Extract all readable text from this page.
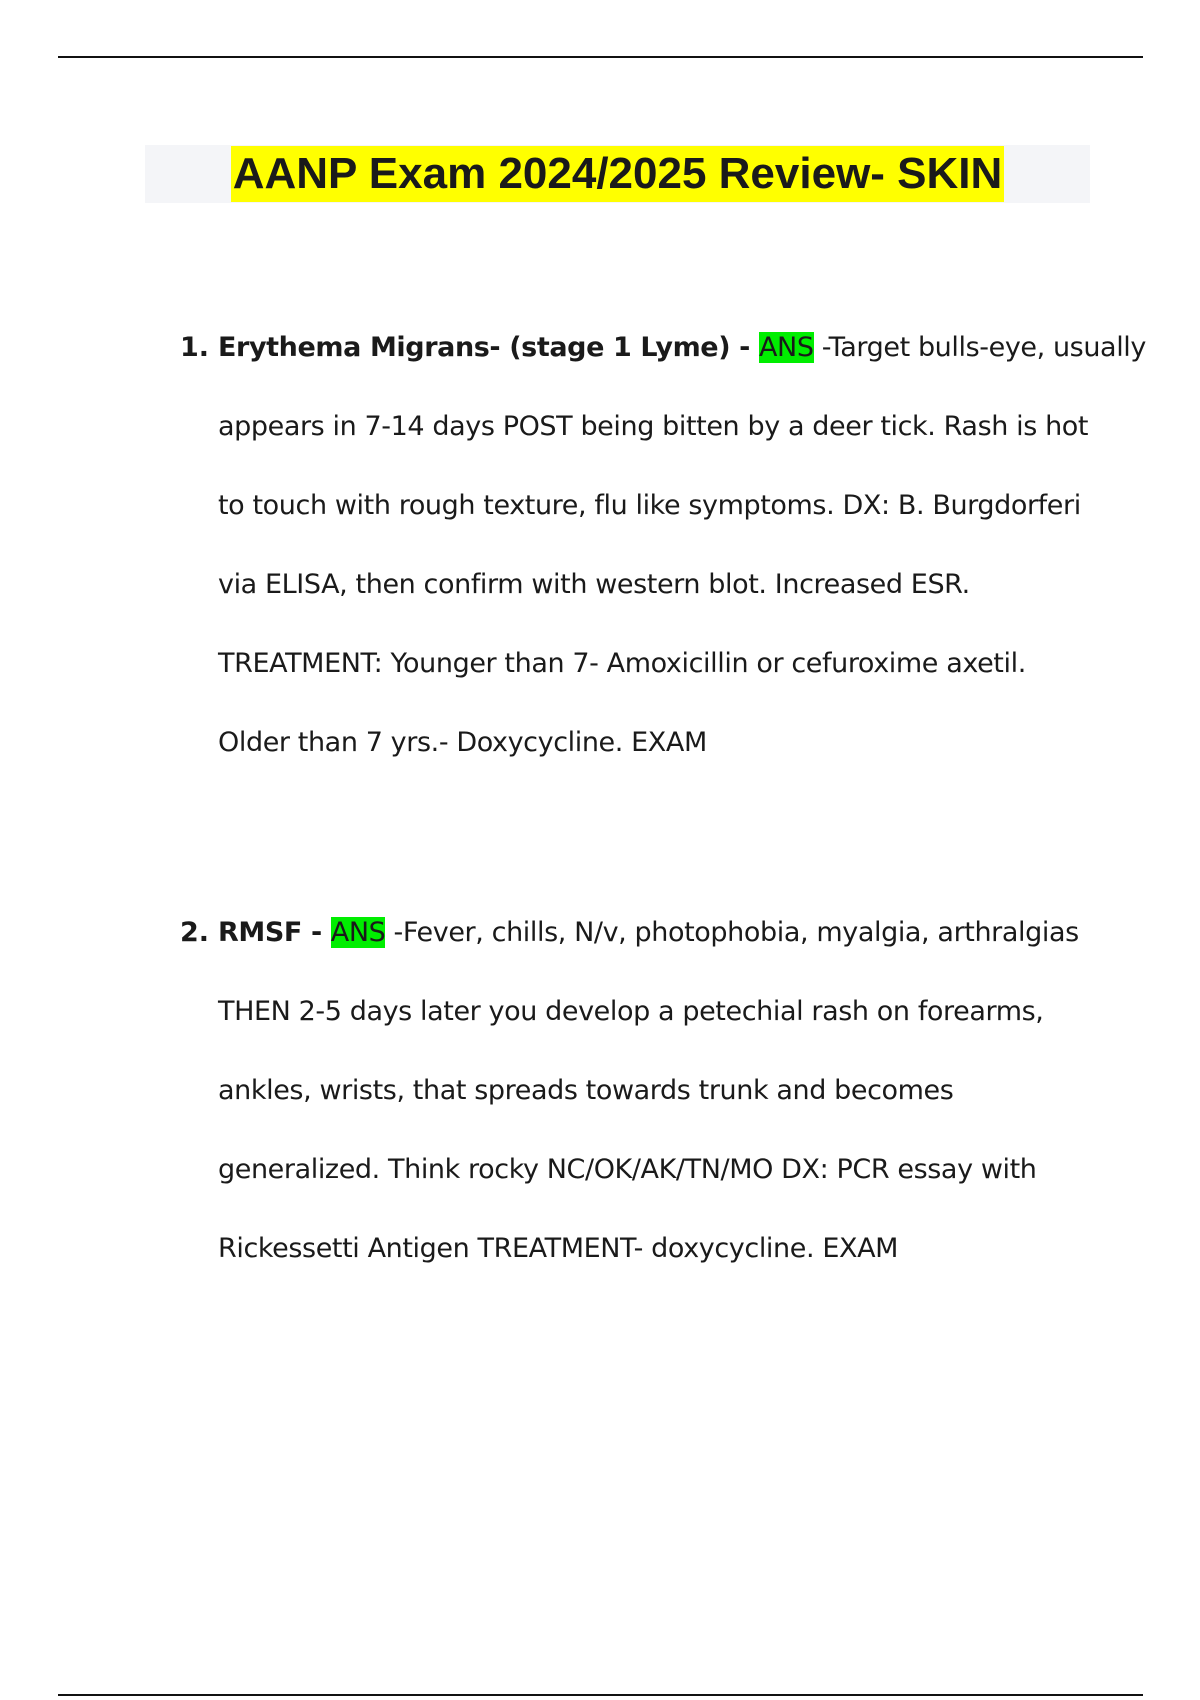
AANP Exam 2024/2025 Review- SKIN
1. Erythema Migrans- (stage 1 Lyme) - ANS -Target bulls-eye, usually
appears in 7-14 days POST being bitten by a deer tick. Rash is hot
to touch with rough texture, flu like symptoms. DX: B. Burgdorferi
via ELISA, then confirm with western blot. Increased ESR.
TREATMENT: Younger than 7- Amoxicillin or cefuroxime axetil.
Older than 7 yrs.- Doxycycline. EXAM
2. RMSF - ANS -Fever, chills, N/v, photophobia, myalgia, arthralgias
THEN 2-5 days later you develop a petechial rash on forearms,
ankles, wrists, that spreads towards trunk and becomes
generalized. Think rocky NC/OK/AK/TN/MO DX: PCR essay with
Rickessetti Antigen TREATMENT- doxycycline. EXAM
